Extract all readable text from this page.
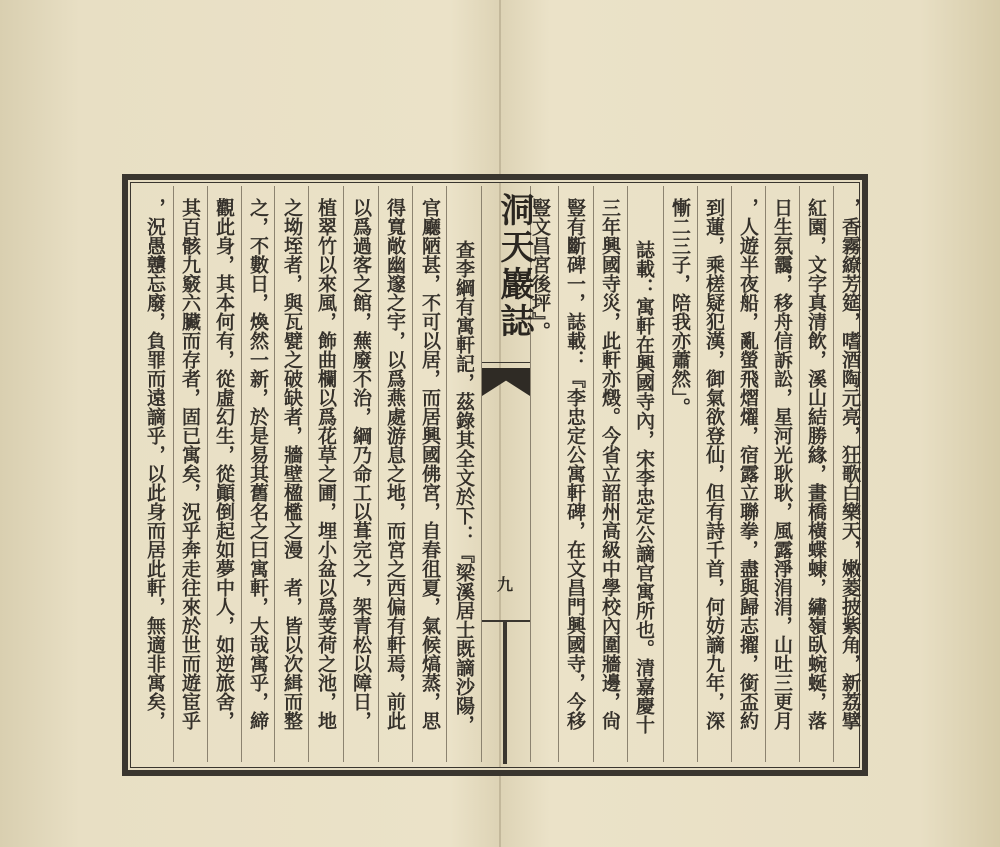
，香霧繚芳筵，嗜酒陶元亮，狂歌白樂天，嫩菱披紫角，新荔擘
紅園，文字真清飲，溪山結勝緣，畫橋橫蝶蝀，繡嶺臥蜿蜒，落
日生氛靄，移舟信訴訟，星河光耿耿，風露淨涓涓，山吐三更月
，人遊半夜船，亂螢飛熠燿，宿露立聯拳，盡與歸志擢，銜盃約
到蓮，乘槎疑犯漢，御氣欲登仙，但有詩千首，何妨謫九年，深
慚二三子，陪我亦蕭然」。
誌載：寓軒在興國寺內，宋李忠定公謫官寓所也。清嘉慶十
三年興國寺災，此軒亦燬。今省立韶州高級中學校內圍牆邊，尙
豎有斷碑一，誌載：『李忠定公寓軒碑，在文昌門興國寺，今移
豎文昌宮後坪』。
洞天巖誌
九
查李綱有寓軒記，茲錄其全文於下：『梁溪居士既謫沙陽，
官廳陋甚，不可以居，而居興國佛宮，自春徂夏，氣候熇蒸，思
得寬敞幽邃之宇，以爲燕處游息之地，而宮之西偏有軒焉，前此
以爲過客之館，蕪廢不治，綱乃命工以葺完之，架青松以障日，
植翠竹以來風，飾曲欄以爲花草之圃，埋小盆以爲芰荷之池，地
之坳垤者，與瓦甓之破缺者，牆壁楹檻之漫　者，皆以次緝而整
之，不數日，煥然一新，於是易其舊名之曰寓軒，大哉寓乎，締
觀此身，其本何有，從虛幻生，從顚倒起如夢中人，如逆旅舍，
其百骸九竅六臟而存者，固已寓矣，況乎奔走往來於世而遊宦乎
，況愚戇忘廢，負罪而遠謫乎，以此身而居此軒，無適非寓矣，
